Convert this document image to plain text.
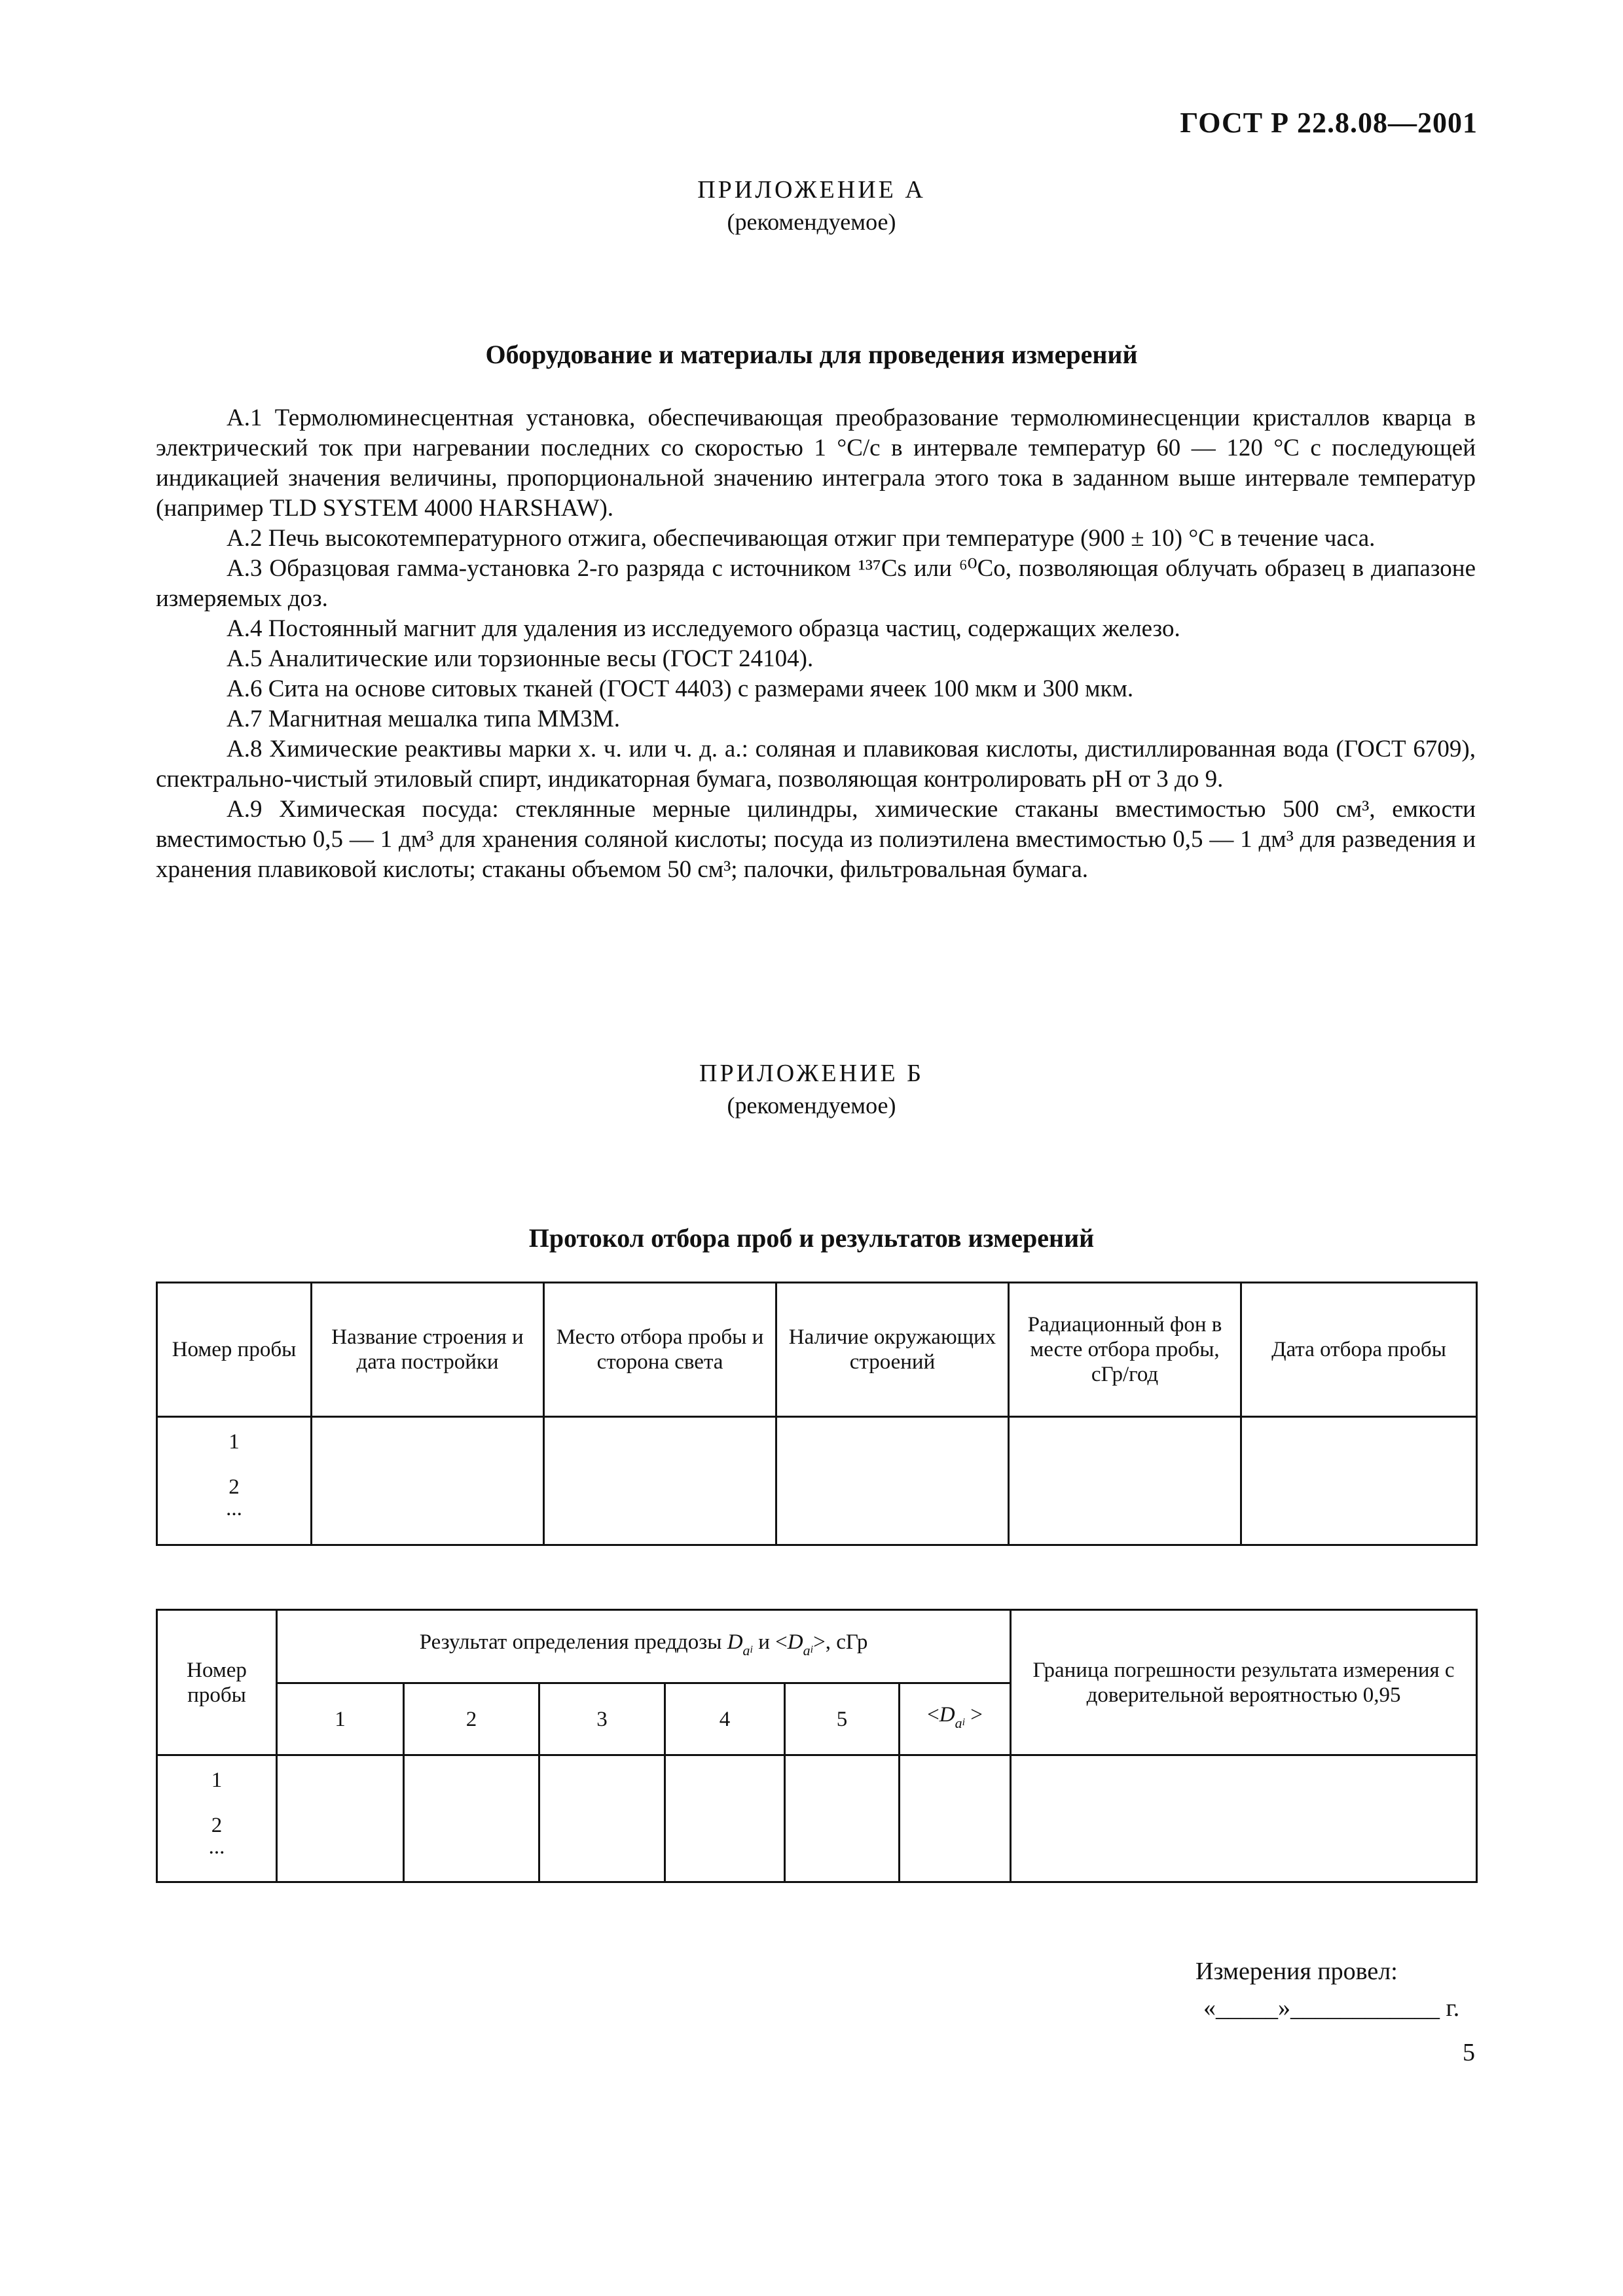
ГОСТ Р 22.8.08—2001
ПРИЛОЖЕНИЕ А
(рекомендуемое)
Оборудование и материалы для проведения измерений

А.1 Термолюминесцентная установка, обеспечивающая преобразование термолюминесценции кристаллов кварца в электрический ток при нагревании последних со скоростью 1 °С/с в интервале температур 60 — 120 °С с последующей индикацией значения величины, пропорциональной значению интеграла этого тока в заданном выше интервале температур (например TLD SYSTEM 4000 HARSHAW).

А.2 Печь высокотемпературного отжига, обеспечивающая отжиг при температуре (900 ± 10) °С в течение часа.

А.3 Образцовая гамма-установка 2-го разряда с источником ¹³⁷Cs или ⁶⁰Со, позволяющая облучать образец в диапазоне измеряемых доз.

А.4 Постоянный магнит для удаления из исследуемого образца частиц, содержащих железо.

А.5 Аналитические или торзионные весы (ГОСТ 24104).

А.6 Сита на основе ситовых тканей (ГОСТ 4403) с размерами ячеек 100 мкм и 300 мкм.

А.7 Магнитная мешалка типа ММ3М.

А.8 Химические реактивы марки х. ч. или ч. д. а.: соляная и плавиковая кислоты, дистиллированная вода (ГОСТ 6709), спектрально-чистый этиловый спирт, индикаторная бумага, позволяющая контролировать рН от 3 до 9.

А.9 Химическая посуда: стеклянные мерные цилиндры, химические стаканы вместимостью 500 см³, емкости вместимостью 0,5 — 1 дм³ для хранения соляной кислоты; посуда из полиэтилена вместимостью 0,5 — 1 дм³ для разведения и хранения плавиковой кислоты; стаканы объемом 50 см³; палочки, фильтровальная бумага.

ПРИЛОЖЕНИЕ Б
(рекомендуемое)
Протокол отбора проб и результатов измерений
Номер пробы	Название строения и дата постройки	Место отбора пробы и сторона света	Наличие окружающих строений	Радиационный фон в месте отбора пробы, сГр/год	Дата отбора пробы

1
2
...					

Номер пробы	Результат определения преддозы $D_ai$ $и <D_ai>$, сГр						Граница погрешности результата измерения с доверительной вероятностью 0,95
	1	2	3	4	5	$<D_ai$ >	

1
2
...							

Измерения провел:
«_____»____________ г.
5
